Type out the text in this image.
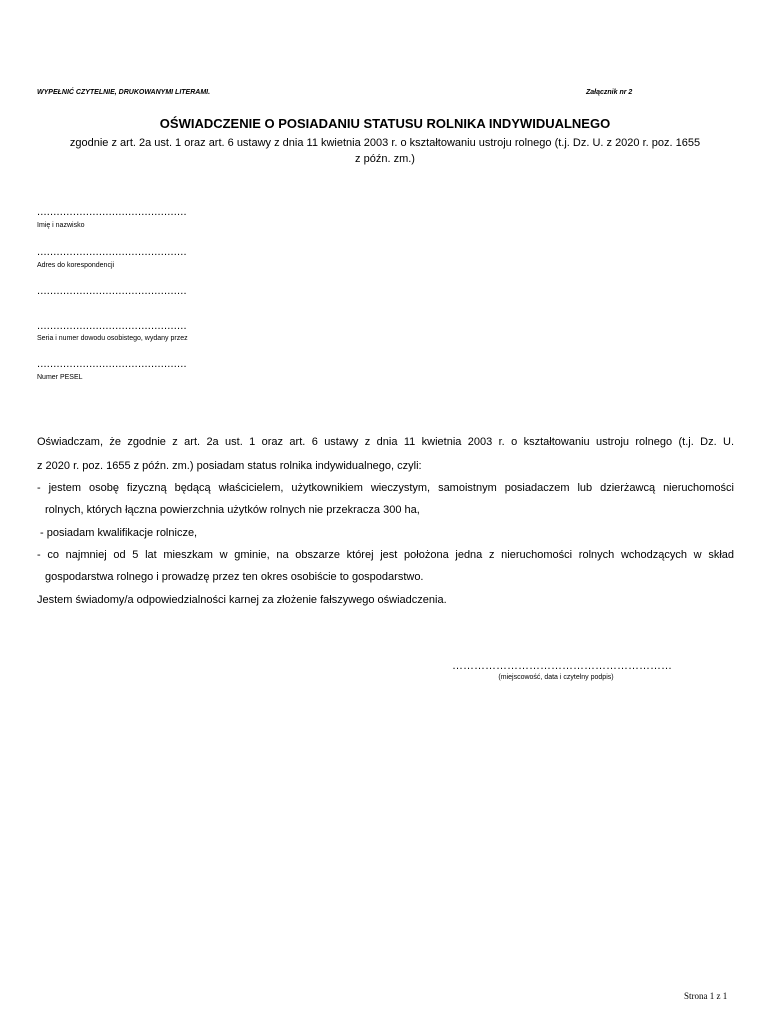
WYPEŁNIĆ CZYTELNIE, DRUKOWANYMI LITERAMI.	Załącznik nr 2
OŚWIADCZENIE O POSIADANIU STATUSU ROLNIKA INDYWIDUALNEGO
zgodnie z art. 2a ust. 1 oraz art. 6 ustawy z dnia 11 kwietnia 2003 r. o kształtowaniu ustroju rolnego (t.j. Dz. U. z 2020 r. poz. 1655
z późn. zm.)
..............................................
Imię i nazwisko
..............................................
Adres do korespondencji
..............................................
..............................................
Seria i numer dowodu osobistego, wydany przez
..............................................
Numer PESEL
Oświadczam, że zgodnie z art. 2a ust. 1 oraz art. 6 ustawy z dnia 11 kwietnia 2003 r. o kształtowaniu ustroju rolnego (t.j. Dz. U.
z 2020 r. poz. 1655 z późn. zm.) posiadam status rolnika indywidualnego, czyli:
- jestem osobę fizyczną będącą właścicielem, użytkownikiem wieczystym, samoistnym posiadaczem lub dzierżawcą nieruchomości
rolnych, których łączna powierzchnia użytków rolnych nie przekracza 300 ha,
- posiadam kwalifikacje rolnicze,
- co najmniej od 5 lat mieszkam w gminie, na obszarze której jest położona jedna z nieruchomości rolnych wchodzących w skład
gospodarstwa rolnego i prowadzę przez ten okres osobiście to gospodarstwo.
Jestem świadomy/a odpowiedzialności karnej za złożenie fałszywego oświadczenia.
……………………………………………………
(miejscowość, data i czytelny podpis)
Strona 1 z 1
